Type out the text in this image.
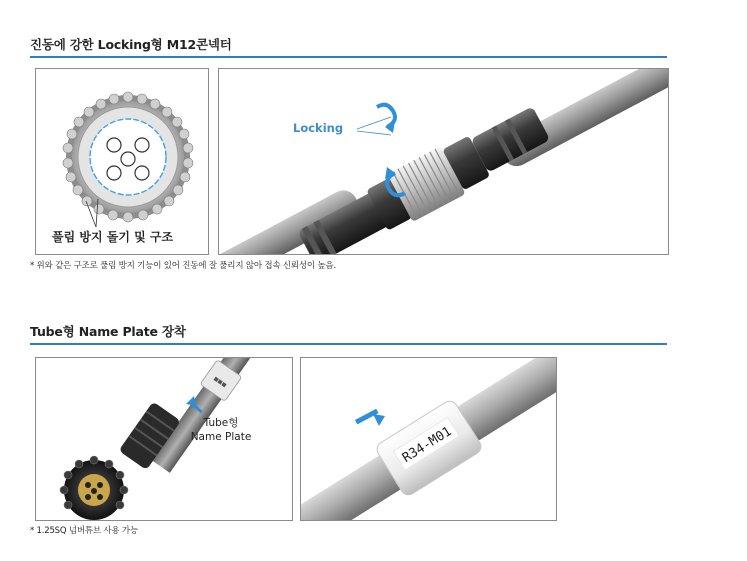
진동에 강한 Locking형 M12콘넥터
풀림 방지 돌기 및 구조
Locking
* 위와 같은 구조로 풀림 방지 기능이 있어 진동에 잘 풀리지 않아 접속 신뢰성이 높음.
Tube형 Name Plate 장착
■■■
Tube형
Name Plate	R34-M01
* 1.25SQ 넘버튜브 사용 가능
